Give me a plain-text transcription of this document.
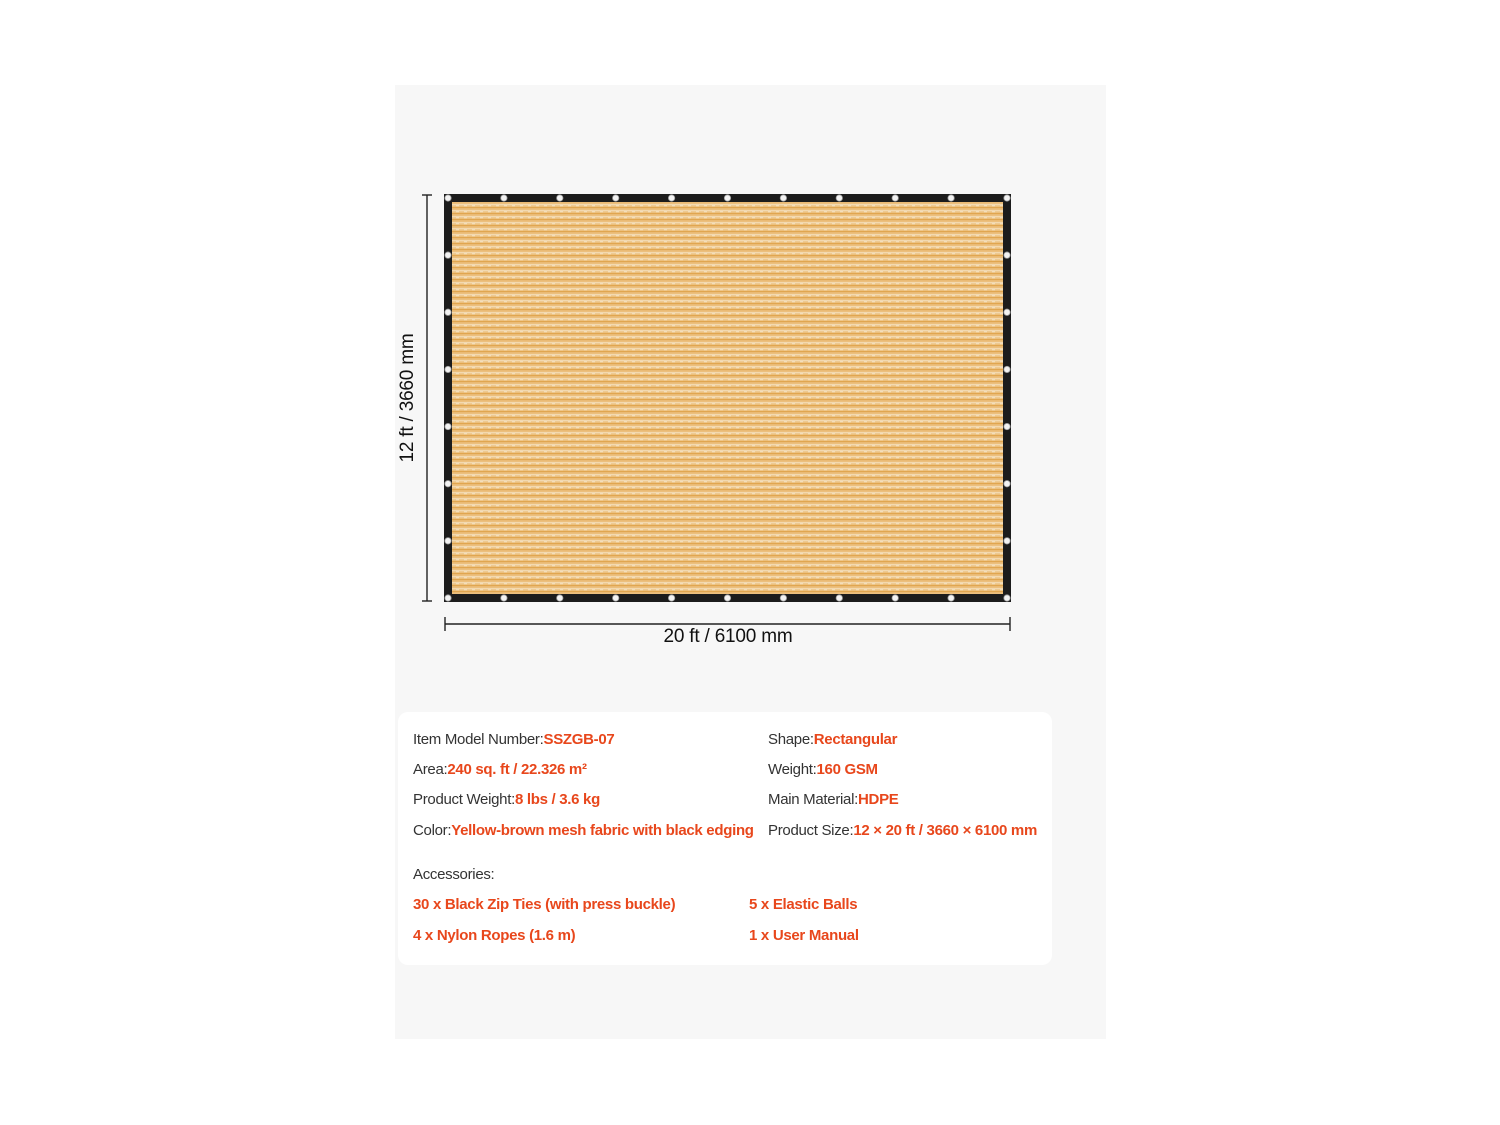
12 ft / 3660 mm
20 ft / 6100 mm
Item Model Number:SSZGB-07	Shape:Rectangular
Area:240 sq. ft / 22.326 m²	Weight:160 GSM
Product Weight:8 lbs / 3.6 kg	Main Material:HDPE
Color:Yellow-brown mesh fabric with black edging Product Size:12 × 20 ft / 3660 × 6100 mm
Accessories:
30 x Black Zip Ties (with press buckle)	5 x Elastic Balls
4 x Nylon Ropes (1.6 m)	1 x User Manual
